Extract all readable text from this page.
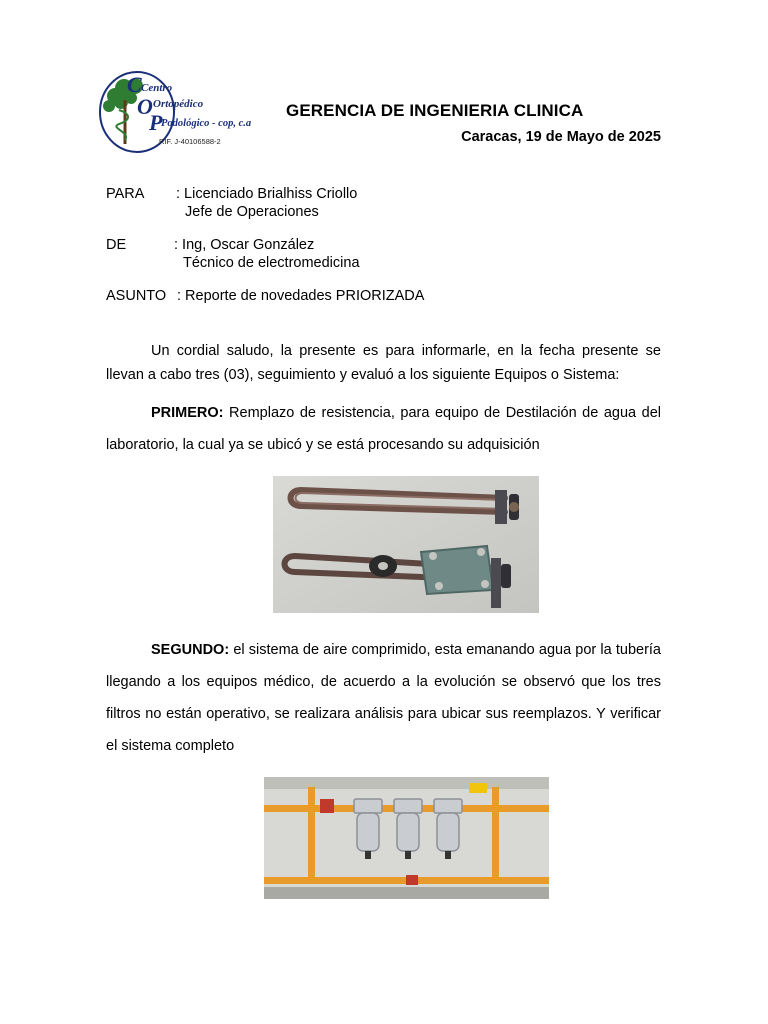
C Centro
O Ortopédico
P
Podológico - cop, c.a
RIF. J-40106588-2
GERENCIA DE INGENIERIA CLINICA
Caracas, 19 de Mayo de 2025
PARA : Licenciado Brialhiss Criollo
Jefe de Operaciones
DE	: Ing, Oscar González
Técnico de electromedicina
ASUNTO : Reporte de novedades PRIORIZADA

Un cordial saludo, la presente es para informarle, en la fecha presente se llevan a cabo tres (03), seguimiento y evaluó a los siguiente Equipos o Sistema:

PRIMERO: Remplazo de resistencia, para equipo de Destilación de agua del laboratorio, la cual ya se ubicó y se está procesando su adquisición

SEGUNDO: el sistema de aire comprimido, esta emanando agua por la tubería llegando a los equipos médico, de acuerdo a la evolución se observó que los tres filtros no están operativo, se realizara análisis para ubicar sus reemplazos. Y verificar el sistema completo
